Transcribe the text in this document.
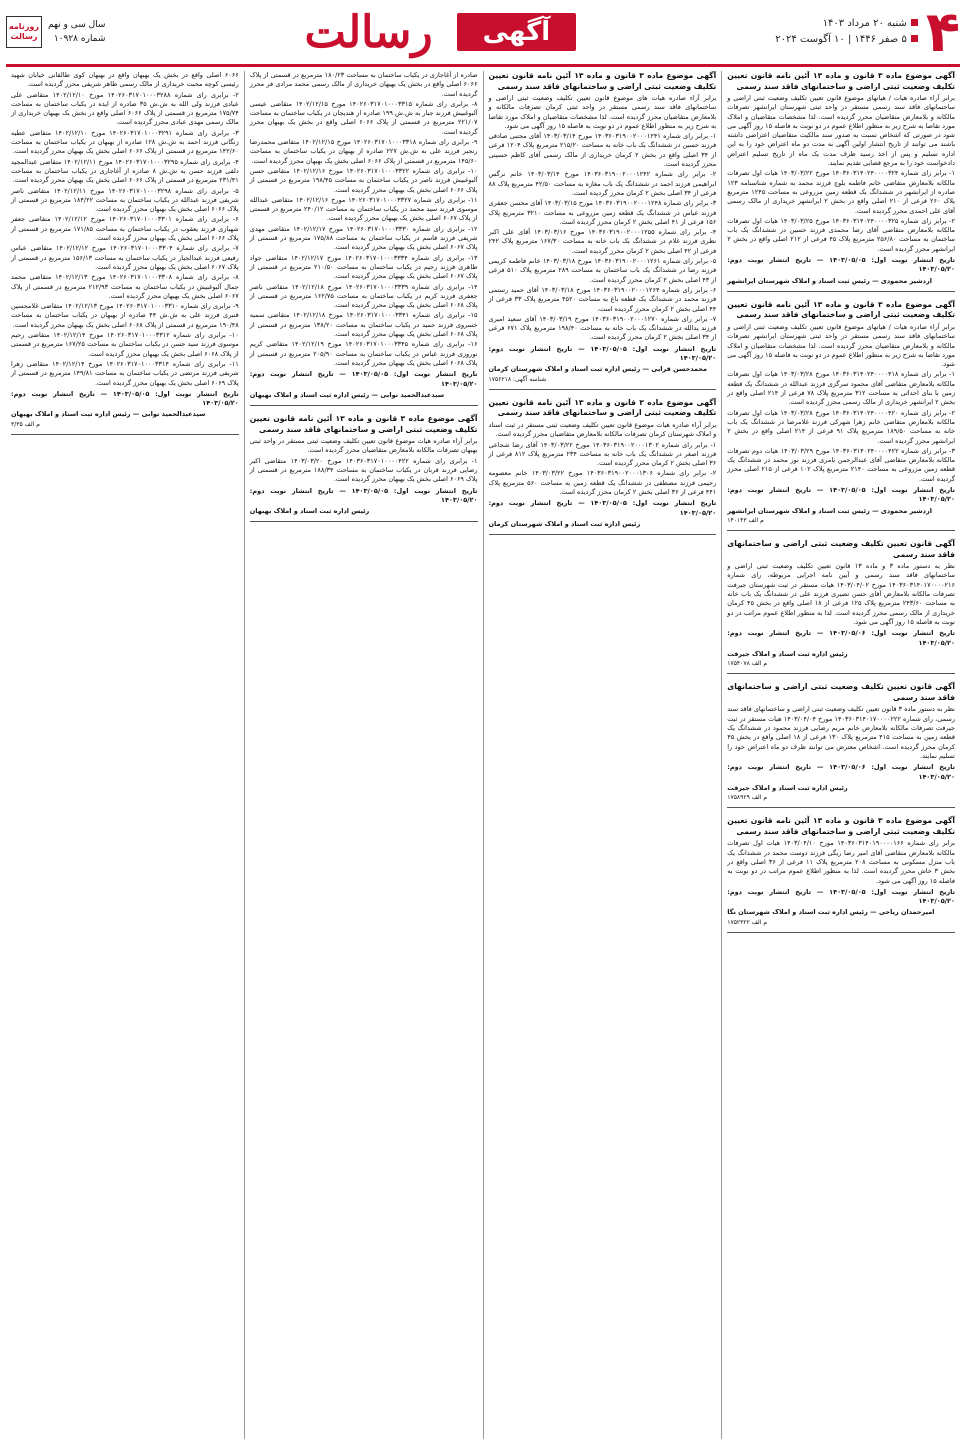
۴
شنبه ۲۰ مرداد ۱۴۰۳
۵ صفر ۱۴۴۶ | ۱۰ آگوست ۲۰۲۴
آگهی
رسالت
سال سی و نهم
شماره ۱۰۹۲۸
روزنامه
رسالت
آگهی موضوع ماده ۳ قانون و ماده ۱۳ آئین نامه قانون تعیین تکلیف وضعیت ثبتی اراضی و ساختمانهای فاقد سند رسمی

برابر آراء صادره هیات / هیاتهای موضوع قانون تعیین تکلیف وضعیت ثبتی اراضی و ساختمانهای فاقد سند رسمی مستقر در واحد ثبتی شهرستان ایرانشهر تصرفات مالکانه و بلامعارض متقاضیان محرز گردیده است. لذا مشخصات متقاضیان و املاک مورد تقاضا به شرح زیر به منظور اطلاع عموم در دو نوبت به فاصله ۱۵ روز آگهی می شود در صورتی که اشخاص نسبت به صدور سند مالکیت متقاضیان اعتراضی داشته باشند می توانند از تاریخ انتشار اولین آگهی به مدت دو ماه اعتراض خود را به این اداره تسلیم و پس از اخذ رسید ظرف مدت یک ماه از تاریخ تسلیم اعتراض دادخواست خود را به مرجع قضایی تقدیم نمایند.

۱- برابر رای شماره ۱۴۰۳۶۰۳۱۴۰۲۴۰۰۰۰۳۲۴ مورخ ۱۴۰۳/۰۳/۲۲ هیات اول تصرفات مالکانه بلامعارض متقاضی خانم فاطمه بلوچ فرزند محمد به شماره شناسنامه ۱۲۳ صادره از ایرانشهر در ششدانگ یک قطعه زمین مزروعی به مساحت ۱۲۴۵ مترمربع پلاک ۲۶۰ فرعی از ۲۱۰ اصلی واقع در بخش ۲ ایرانشهر خریداری از مالک رسمی آقای علی احمدی محرز گردیده است.

۲- برابر رای شماره ۱۴۰۳۶۰۳۱۴۰۲۴۰۰۰۰۳۲۵ مورخ ۱۴۰۳/۰۳/۲۵ هیات اول تصرفات مالکانه بلامعارض متقاضی آقای رضا محمدی فرزند حسین در ششدانگ یک باب ساختمان به مساحت ۲۵۶/۸۰ مترمربع پلاک ۴۵ فرعی از ۲۱۲ اصلی واقع در بخش ۲ ایرانشهر محرز گردیده است.

تاریخ انتشار نوبت اول: ۱۴۰۳/۰۵/۰۵ — تاریخ انتشار نوبت دوم: ۱۴۰۳/۰۵/۲۰
اردشیر محمودی — رئیس ثبت اسناد و املاک شهرستان ایرانشهر
آگهی موضوع ماده ۳ قانون و ماده ۱۳ آئین نامه قانون تعیین تکلیف وضعیت ثبتی اراضی و ساختمانهای فاقد سند رسمی

برابر آراء صادره هیات / هیاتهای موضوع قانون تعیین تکلیف وضعیت ثبتی اراضی و ساختمانهای فاقد سند رسمی مستقر در واحد ثبتی شهرستان ایرانشهر تصرفات مالکانه و بلامعارض متقاضیان محرز گردیده است. لذا مشخصات متقاضیان و املاک مورد تقاضا به شرح زیر به منظور اطلاع عموم در دو نوبت به فاصله ۱۵ روز آگهی می شود.

۱- برابر رای شماره ۱۴۰۳۶۰۳۱۴۰۲۴۰۰۰۰۴۱۸ مورخ ۱۴۰۳/۰۳/۲۸ هیات اول تصرفات مالکانه بلامعارض متقاضی آقای محمود سرگزی فرزند عبدالله در ششدانگ یک قطعه زمین با بنای احداثی به مساحت ۳۱۲ مترمربع پلاک ۷۸ فرعی از ۲۱۴ اصلی واقع در بخش ۲ ایرانشهر خریداری از مالک رسمی محرز گردیده است.

۲- برابر رای شماره ۱۴۰۳۶۰۳۱۴۰۲۴۰۰۰۰۴۲۰ مورخ ۱۴۰۳/۰۳/۲۸ هیات اول تصرفات مالکانه بلامعارض متقاضی خانم زهرا شهرکی فرزند غلامرضا در ششدانگ یک باب خانه به مساحت ۱۸۹/۵۰ مترمربع پلاک ۹۱ فرعی از ۲۱۴ اصلی واقع در بخش ۲ ایرانشهر محرز گردیده است.

۳- برابر رای شماره ۱۴۰۳۶۰۳۱۴۰۲۴۰۰۰۰۴۲۲ مورخ ۱۴۰۳/۰۳/۲۹ هیات دوم تصرفات مالکانه بلامعارض متقاضی آقای عبدالرحمن بامری فرزند نور محمد در ششدانگ یک قطعه زمین مزروعی به مساحت ۲۱۴۰ مترمربع پلاک ۱۰۲ فرعی از ۲۱۵ اصلی محرز گردیده است.

تاریخ انتشار نوبت اول: ۱۴۰۳/۰۵/۰۵ — تاریخ انتشار نوبت دوم: ۱۴۰۳/۰۵/۲۰
اردشیر محمودی — رئیس ثبت اسناد و املاک شهرستان ایرانشهر
م الف ۱۴۰۱۴۳
آگهی قانون تعیین تکلیف وضعیت ثبتی اراضی و ساختمانهای فاقد سند رسمی

نظر به دستور ماده ۳ و ماده ۱۳ قانون تعیین تکلیف وضعیت ثبتی اراضی و ساختمانهای فاقد سند رسمی و آیین نامه اجرایی مربوطه، رای شماره ۱۴۰۳۶۰۳۱۴۰۱۷۰۰۰۰۲۱۶ مورخ ۱۴۰۳/۰۴/۰۲ هیات مستقر در ثبت شهرستان جیرفت تصرفات مالکانه بلامعارض آقای حسن نصیری فرزند علی در ششدانگ یک باب خانه به مساحت ۲۴۳/۶۰ مترمربع پلاک ۱۲۵ فرعی از ۱۸ اصلی واقع در بخش ۴۵ کرمان خریداری از مالک رسمی محرز گردیده است. لذا به منظور اطلاع عموم مراتب در دو نوبت به فاصله ۱۵ روز آگهی می شود.

تاریخ انتشار نوبت اول: ۱۴۰۳/۰۵/۰۶ — تاریخ انتشار نوبت دوم: ۱۴۰۳/۰۵/۲۰
رئیس اداره ثبت اسناد و املاک جیرفت
م الف ۱۷۵۴۰۷۸
آگهی قانون تعیین تکلیف وضعیت ثبتی اراضی و ساختمانهای فاقد سند رسمی

نظر به دستور ماده ۳ قانون تعیین تکلیف وضعیت ثبتی اراضی و ساختمانهای فاقد سند رسمی، رای شماره ۱۴۰۳۶۰۳۱۴۰۱۷۰۰۰۰۲۲۲ مورخ ۱۴۰۳/۰۴/۰۴ هیات مستقر در ثبت جیرفت تصرفات مالکانه بلامعارض خانم مریم رضایی فرزند محمود در ششدانگ یک قطعه زمین به مساحت ۴۱۵ مترمربع پلاک ۱۳۰ فرعی از ۱۸ اصلی واقع در بخش ۴۵ کرمان محرز گردیده است. اشخاص معترض می توانند ظرف دو ماه اعتراض خود را تسلیم نمایند.

تاریخ انتشار نوبت اول: ۱۴۰۳/۰۵/۰۶ — تاریخ انتشار نوبت دوم: ۱۴۰۳/۰۵/۲۰
رئیس اداره ثبت اسناد و املاک جیرفت
م الف ۱۷۵۸۹۲۹
آگهی موضوع ماده ۳ قانون و ماده ۱۳ آئین نامه قانون تعیین تکلیف وضعیت ثبتی اراضی و ساختمانهای فاقد سند رسمی

برابر رای شماره ۱۴۰۳۶۰۳۱۴۰۱۹۰۰۰۰۱۶۶ مورخ ۱۴۰۳/۰۴/۱۰ هیات اول تصرفات مالکانه بلامعارض متقاضی آقای امیر رضا ریگی فرزند دوست محمد در ششدانگ یک باب منزل مسکونی به مساحت ۲۰۸ مترمربع پلاک ۱۱ فرعی از ۳۶ اصلی واقع در بخش ۳ خاش محرز گردیده است. لذا به منظور اطلاع عموم مراتب در دو نوبت به فاصله ۱۵ روز آگهی می شود.

تاریخ انتشار نوبت اول: ۱۴۰۳/۰۵/۰۵ — تاریخ انتشار نوبت دوم: ۱۴۰۳/۰۵/۲۰
امیرحمدان ریاحی — رئیس اداره ثبت اسناد و املاک شهرستان نگا
م الف ۱۷۵۲۳۲۲
آگهی موضوع ماده ۳ قانون و ماده ۱۳ آئین نامه قانون تعیین تکلیف وضعیت ثبتی اراضی و ساختمانهای فاقد سند رسمی

برابر آراء صادره هیات های موضوع قانون تعیین تکلیف وضعیت ثبتی اراضی و ساختمانهای فاقد سند رسمی مستقر در واحد ثبتی کرمان تصرفات مالکانه و بلامعارض متقاضیان محرز گردیده است. لذا مشخصات متقاضیان و املاک مورد تقاضا به شرح زیر به منظور اطلاع عموم در دو نوبت به فاصله ۱۵ روز آگهی می شود.

۱- برابر رای شماره ۱۴۰۳۶۰۳۱۹۰۰۲۰۰۰۱۲۴۱ مورخ ۱۴۰۳/۰۳/۱۴ آقای مجتبی صادقی فرزند حسین در ششدانگ یک باب خانه به مساحت ۲۱۵/۲۰ مترمربع پلاک ۱۲۰۴ فرعی از ۳۴ اصلی واقع در بخش ۲ کرمان خریداری از مالک رسمی آقای کاظم حسینی محرز گردیده است.

۲- برابر رای شماره ۱۴۰۳۶۰۳۱۹۰۰۲۰۰۰۱۲۴۲ مورخ ۱۴۰۳/۰۳/۱۴ خانم نرگس ابراهیمی فرزند احمد در ششدانگ یک باب مغازه به مساحت ۴۲/۵۰ مترمربع پلاک ۸۸ فرعی از ۳۴ اصلی بخش ۲ کرمان محرز گردیده است.

۳- برابر رای شماره ۱۴۰۳۶۰۳۱۹۰۰۲۰۰۰۱۲۴۸ مورخ ۱۴۰۳/۰۳/۱۵ آقای محسن جعفری فرزند عباس در ششدانگ یک قطعه زمین مزروعی به مساحت ۳۲۱۰ مترمربع پلاک ۱۵۶ فرعی از ۴۱ اصلی بخش ۲ کرمان محرز گردیده است.

۴- برابر رای شماره ۱۴۰۳۶۰۳۱۹۰۰۲۰۰۰۱۲۵۵ مورخ ۱۴۰۳/۰۳/۱۶ آقای علی اکبر نظری فرزند غلام در ششدانگ یک باب خانه به مساحت ۱۶۷/۳۰ مترمربع پلاک ۲۴۲ فرعی از ۴۲ اصلی بخش ۲ کرمان محرز گردیده است.

۵- برابر رای شماره ۱۴۰۳۶۰۳۱۹۰۰۲۰۰۰۱۲۶۱ مورخ ۱۴۰۳/۰۳/۱۸ خانم فاطمه کریمی فرزند رضا در ششدانگ یک باب ساختمان به مساحت ۲۸۹ مترمربع پلاک ۵۱۰ فرعی از ۴۳ اصلی بخش ۲ کرمان محرز گردیده است.

۶- برابر رای شماره ۱۴۰۳۶۰۳۱۹۰۰۲۰۰۰۱۲۶۴ مورخ ۱۴۰۳/۰۳/۱۸ آقای حمید رستمی فرزند محمد در ششدانگ یک قطعه باغ به مساحت ۴۵۲۰ مترمربع پلاک ۳۳ فرعی از ۴۴ اصلی بخش ۲ کرمان محرز گردیده است.

۷- برابر رای شماره ۱۴۰۳۶۰۳۱۹۰۰۲۰۰۰۱۲۷۰ مورخ ۱۴۰۳/۰۳/۱۹ آقای سعید امیری فرزند یدالله در ششدانگ یک باب خانه به مساحت ۱۹۸/۴۰ مترمربع پلاک ۶۷۱ فرعی از ۳۴ اصلی بخش ۲ کرمان محرز گردیده است.

تاریخ انتشار نوبت اول: ۱۴۰۳/۰۵/۰۵ — تاریخ انتشار نوبت دوم: ۱۴۰۳/۰۵/۲۰
محمدحسن قرایی — رئیس اداره ثبت اسناد و املاک شهرستان کرمان
شناسه آگهی: ۱۷۵۶۲۱۸
آگهی موضوع ماده ۳ قانون و ماده ۱۳ آئین نامه قانون تعیین تکلیف وضعیت ثبتی اراضی و ساختمانهای فاقد سند رسمی

برابر آراء صادره هیات موضوع قانون تعیین تکلیف وضعیت ثبتی مستقر در ثبت اسناد و املاک شهرستان کرمان تصرفات مالکانه بلامعارض متقاضیان محرز گردیده است.

۱- برابر رای شماره ۱۴۰۳۶۰۳۱۹۰۰۲۰۰۰۱۳۰۲ مورخ ۱۴۰۳/۰۳/۲۲ آقای رضا شجاعی فرزند اصغر در ششدانگ یک باب خانه به مساحت ۲۳۴ مترمربع پلاک ۸۱۲ فرعی از ۳۶ اصلی بخش ۲ کرمان محرز گردیده است.

۲- برابر رای شماره ۱۴۰۳۶۰۳۱۹۰۰۲۰۰۰۱۳۰۶ مورخ ۱۴۰۳/۰۳/۲۲ خانم معصومه رحیمی فرزند مصطفی در ششدانگ یک قطعه زمین به مساحت ۵۶۰ مترمربع پلاک ۴۴۱ فرعی از ۳۶ اصلی بخش ۲ کرمان محرز گردیده است.

تاریخ انتشار نوبت اول: ۱۴۰۳/۰۵/۰۵ — تاریخ انتشار نوبت دوم: ۱۴۰۳/۰۵/۲۰
رئیس اداره ثبت اسناد و املاک شهرستان کرمان

صادره از آغاجاری در یکباب ساختمان به مساحت ۱۸۰/۲۳ مترمربع در قسمتی از پلاک ۶۰۶۶ اصلی واقع در بخش یک بهبهان خریداری از مالک رسمی محمد مرادی فر محرز گردیده است.

۸- برابری رای شماره ۱۴۰۲۶۰۳۱۷۰۱۰۰۰۳۳۱۵ مورخ ۱۴۰۲/۱۲/۱۵ متقاضی عیسی آلبوغبیش فرزند جبار به ش.ش ۱۹۹ صادره از هندیجان در یکباب ساختمان به مساحت ۲۲۱/۰۷ مترمربع در قسمتی از پلاک ۶۰۶۶ اصلی واقع در بخش یک بهبهان محرز گردیده است.

۹- برابری رای شماره ۱۴۰۲۶۰۳۱۷۰۱۰۰۰۳۳۱۸ مورخ ۱۴۰۲/۱۲/۱۵ متقاضی محمدرضا رنجبر فرزند علی به ش.ش ۲۲۷ صادره از بهبهان در یکباب ساختمان به مساحت ۱۴۵/۶۰ مترمربع در قسمتی از پلاک ۶۰۶۶ اصلی بخش یک بهبهان محرز گردیده است.

۱۰- برابری رای شماره ۱۴۰۲۶۰۳۱۷۰۱۰۰۰۳۳۲۲ مورخ ۱۴۰۲/۱۲/۱۶ متقاضی حسن آلبوغبیش فرزند ناصر در یکباب ساختمان به مساحت ۱۹۸/۴۵ مترمربع در قسمتی از پلاک ۶۰۶۶ اصلی بخش یک بهبهان محرز گردیده است.

۱۱- برابری رای شماره ۱۴۰۲۶۰۳۱۷۰۱۰۰۰۳۳۲۷ مورخ ۱۴۰۲/۱۲/۱۶ متقاضی عبدالله موسوی فرزند سید محمد در یکباب ساختمان به مساحت ۲۴۰/۱۲ مترمربع در قسمتی از پلاک ۶۰۶۷ اصلی بخش یک بهبهان محرز گردیده است.

۱۲- برابری رای شماره ۱۴۰۲۶۰۳۱۷۰۱۰۰۰۳۳۳۰ مورخ ۱۴۰۲/۱۲/۱۷ متقاضی مهدی شریفی فرزند قاسم در یکباب ساختمان به مساحت ۱۷۵/۸۸ مترمربع در قسمتی از پلاک ۶۰۶۷ اصلی بخش یک بهبهان محرز گردیده است.

۱۳- برابری رای شماره ۱۴۰۲۶۰۳۱۷۰۱۰۰۰۳۳۳۴ مورخ ۱۴۰۲/۱۲/۱۷ متقاضی جواد طاهری فرزند رحیم در یکباب ساختمان به مساحت ۲۱۰/۵۰ مترمربع در قسمتی از پلاک ۶۰۶۷ اصلی بخش یک بهبهان محرز گردیده است.

۱۴- برابری رای شماره ۱۴۰۲۶۰۳۱۷۰۱۰۰۰۳۳۳۹ مورخ ۱۴۰۲/۱۲/۱۸ متقاضی ناصر جعفری فرزند کریم در یکباب ساختمان به مساحت ۱۶۲/۷۵ مترمربع در قسمتی از پلاک ۶۰۶۸ اصلی بخش یک بهبهان محرز گردیده است.

۱۵- برابری رای شماره ۱۴۰۲۶۰۳۱۷۰۱۰۰۰۳۳۴۱ مورخ ۱۴۰۲/۱۲/۱۸ متقاضی سمیه خسروی فرزند حمید در یکباب ساختمان به مساحت ۱۳۸/۲۰ مترمربع در قسمتی از پلاک ۶۰۶۸ اصلی بخش یک بهبهان محرز گردیده است.

۱۶- برابری رای شماره ۱۴۰۲۶۰۳۱۷۰۱۰۰۰۳۳۴۵ مورخ ۱۴۰۲/۱۲/۱۹ متقاضی کریم نوروزی فرزند عباس در یکباب ساختمان به مساحت ۲۰۵/۹۰ مترمربع در قسمتی از پلاک ۶۰۶۸ اصلی بخش یک بهبهان محرز گردیده است.

تاریخ انتشار نوبت اول: ۱۴۰۳/۰۵/۰۵ — تاریخ انتشار نوبت دوم: ۱۴۰۳/۰۵/۲۰
سیدعبدالحمید نوابی — رئیس اداره ثبت اسناد و املاک بهبهان
آگهی موضوع ماده ۳ قانون و ماده ۱۳ آئین نامه قانون تعیین تکلیف وضعیت ثبتی اراضی و ساختمانهای فاقد سند رسمی

برابر آراء صادره هیات موضوع قانون تعیین تکلیف وضعیت ثبتی مستقر در واحد ثبتی بهبهان تصرفات مالکانه بلامعارض متقاضیان محرز گردیده است.

۱- برابری رای شماره ۱۴۰۳۶۰۳۱۷۰۱۰۰۰۰۴۲۲ مورخ ۱۴۰۳/۰۳/۲۰ متقاضی اکبر رضایی فرزند قربان در یکباب ساختمان به مساحت ۱۸۸/۳۴ مترمربع در قسمتی از پلاک ۶۰۶۹ اصلی بخش یک بهبهان محرز گردیده است.

تاریخ انتشار نوبت اول: ۱۴۰۳/۰۵/۰۵ — تاریخ انتشار نوبت دوم: ۱۴۰۳/۰۵/۲۰
رئیس اداره ثبت اسناد و املاک بهبهان

۶۰۶۶ اصلی واقع در بخش یک بهبهان واقع در بهبهان کوی طالقانی خیابان شهید رئیسی کوچه محبت خریداری از مالک رسمی طاهر شریفی محرز گردیده است.

۲- برابری رای شماره ۱۴۰۲۶۰۳۱۷۰۱۰۰۰۳۲۸۸ مورخ ۱۴۰۲/۱۲/۱۰ متقاضی علی عبادی فرزند ولی الله به ش.ش ۳۵ صادره از ایذه در یکباب ساختمان به مساحت ۱۷۵/۷۴ مترمربع در قسمتی از پلاک ۶۰۶۶ اصلی واقع در بخش یک بهبهان خریداری از مالک رسمی مهدی عبادی محرز گردیده است.

۳- برابری رای شماره ۱۴۰۲۶۰۳۱۷۰۱۰۰۰۳۲۹۱ مورخ ۱۴۰۲/۱۲/۱۰ متقاضی عطیه زنگانی فرزند احمد به ش.ش ۱۲۸ صادره از بهبهان در یکباب ساختمان به مساحت ۱۴۲/۶۰ مترمربع در قسمتی از پلاک ۶۰۶۶ اصلی بخش یک بهبهان محرز گردیده است.

۴- برابری رای شماره ۱۴۰۲۶۰۳۱۷۰۱۰۰۰۳۲۹۵ مورخ ۱۴۰۲/۱۲/۱۱ متقاضی عبدالمجید دلفی فرزند حسن به ش.ش ۸ صادره از آغاجاری در یکباب ساختمان به مساحت ۲۳۱/۴۱ مترمربع در قسمتی از پلاک ۶۰۶۶ اصلی بخش یک بهبهان محرز گردیده است.

۵- برابری رای شماره ۱۴۰۲۶۰۳۱۷۰۱۰۰۰۳۲۹۸ مورخ ۱۴۰۲/۱۲/۱۱ متقاضی ناصر شریفی فرزند عبدالله در یکباب ساختمان به مساحت ۱۸۴/۲۲ مترمربع در قسمتی از پلاک ۶۰۶۶ اصلی بخش یک بهبهان محرز گردیده است.

۶- برابری رای شماره ۱۴۰۲۶۰۳۱۷۰۱۰۰۰۳۳۰۱ مورخ ۱۴۰۲/۱۲/۱۲ متقاضی جعفر شهبازی فرزند یعقوب در یکباب ساختمان به مساحت ۱۷۱/۸۵ مترمربع در قسمتی از پلاک ۶۰۶۶ اصلی بخش یک بهبهان محرز گردیده است.

۷- برابری رای شماره ۱۴۰۲۶۰۳۱۷۰۱۰۰۰۳۳۰۴ مورخ ۱۴۰۲/۱۲/۱۲ متقاضی عباس رفیعی فرزند عبدالجبار در یکباب ساختمان به مساحت ۱۵۶/۱۳ مترمربع در قسمتی از پلاک ۶۰۶۷ اصلی بخش یک بهبهان محرز گردیده است.

۸- برابری رای شماره ۱۴۰۲۶۰۳۱۷۰۱۰۰۰۳۳۰۸ مورخ ۱۴۰۲/۱۲/۱۳ متقاضی محمد جمال آلبوغبیش در یکباب ساختمان به مساحت ۲۱۲/۹۳ مترمربع در قسمتی از پلاک ۶۰۶۷ اصلی بخش یک بهبهان محرز گردیده است.

۹- برابری رای شماره ۱۴۰۲۶۰۳۱۷۰۱۰۰۰۳۳۱۰ مورخ ۱۴۰۲/۱۲/۱۳ متقاضی غلامحسین قنبری فرزند علی به ش.ش ۴۴ صادره از بهبهان در یکباب ساختمان به مساحت ۱۹۰/۴۸ مترمربع در قسمتی از پلاک ۶۰۶۸ اصلی بخش یک بهبهان محرز گردیده است.

۱۰- برابری رای شماره ۱۴۰۲۶۰۳۱۷۰۱۰۰۰۳۳۱۲ مورخ ۱۴۰۲/۱۲/۱۴ متقاضی رحیم موسوی فرزند سید حسن در یکباب ساختمان به مساحت ۱۶۷/۲۵ مترمربع در قسمتی از پلاک ۶۰۶۸ اصلی بخش یک بهبهان محرز گردیده است.

۱۱- برابری رای شماره ۱۴۰۲۶۰۳۱۷۰۱۰۰۰۳۳۱۴ مورخ ۱۴۰۲/۱۲/۱۴ متقاضی زهرا شریفی فرزند مرتضی در یکباب ساختمان به مساحت ۱۴۹/۸۱ مترمربع در قسمتی از پلاک ۶۰۶۹ اصلی بخش یک بهبهان محرز گردیده است.

تاریخ انتشار نوبت اول: ۱۴۰۳/۰۵/۰۵ — تاریخ انتشار نوبت دوم: ۱۴۰۳/۰۵/۲۰
سیدعبدالحمید نوابی — رئیس اداره ثبت اسناد و املاک بهبهان
م الف ۳/۳۵
